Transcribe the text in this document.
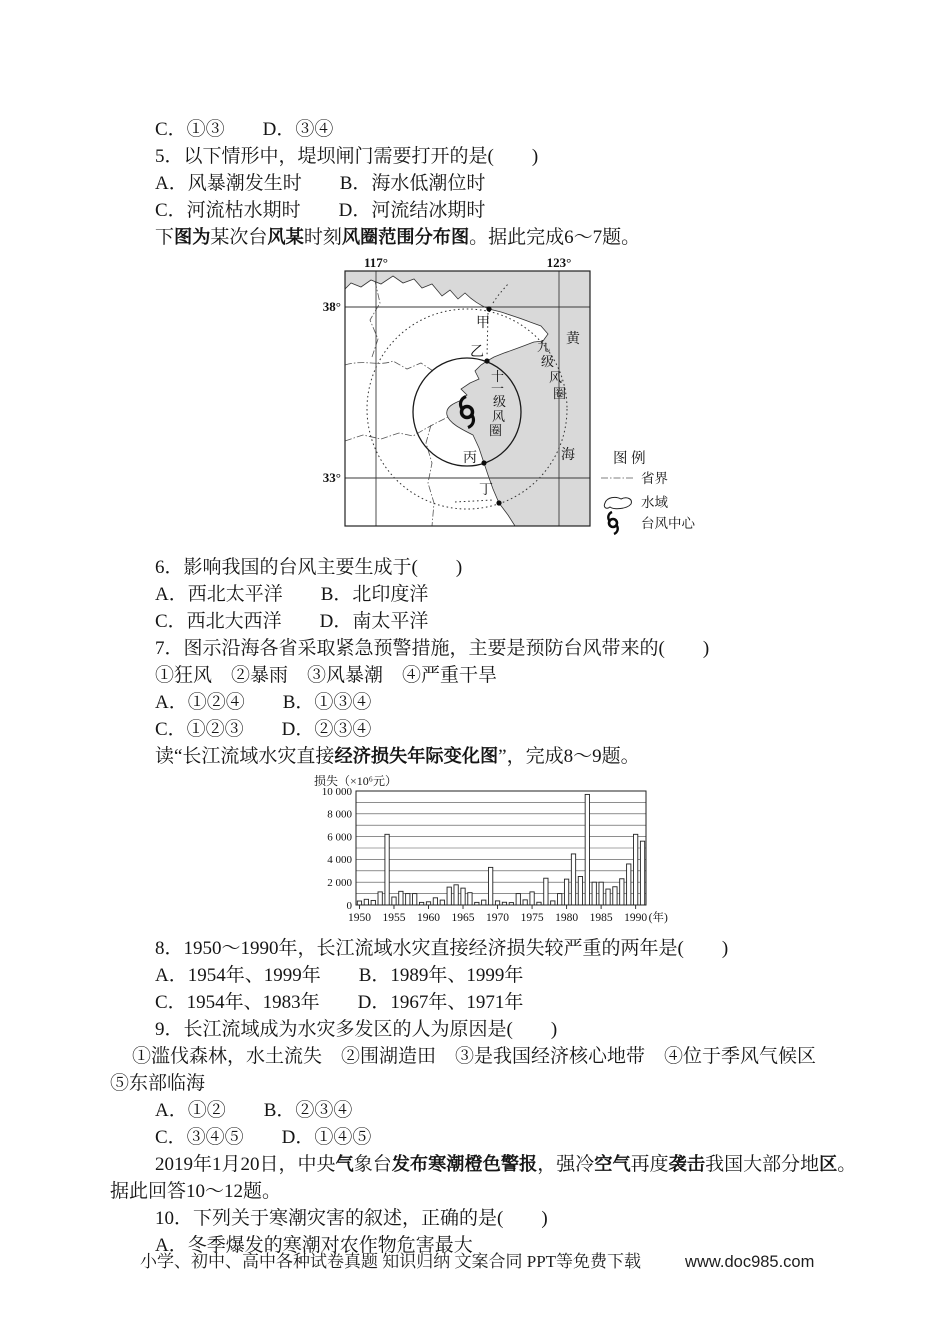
C．①③　　D．③④
5．以下情形中，堤坝闸门需要打开的是(　　)
A．风暴潮发生时　　B．海水低潮位时
C．河流枯水期时　　D．河流结冰期时
下图为某次台风某时刻风圈范围分布图。据此完成6～7题。
117°	123°
38°
33°
甲
乙
丙
丁
黄
海
九
级
风
圈
十
一
级
风
圈
图 例
省界
水域
台风中心
6．影响我国的台风主要生成于(　　)
A．西北太平洋　　B．北印度洋
C．西北大西洋　　D．南太平洋
7．图示沿海各省采取紧急预警措施，主要是预防台风带来的(　　)
①狂风　②暴雨　③风暴潮　④严重干旱
A．①②④　　B．①③④
C．①②③　　D．②③④
读“长江流域水灾直接经济损失年际变化图”，完成8～9题。
损失（×10⁶元）
0
2 000
4 000
6 000
8 000
10 000
1950 1955 1960 1965 1970 1975 1980 1985 1990 (年)
8．1950～1990年，长江流域水灾直接经济损失较严重的两年是(　　)
A．1954年、1999年　　B．1989年、1999年
C．1954年、1983年　　D．1967年、1971年
9．长江流域成为水灾多发区的人为原因是(　　)
①滥伐森林，水土流失　②围湖造田　③是我国经济核心地带　④位于季风气候区
⑤东部临海
A．①②　　B．②③④
C．③④⑤　　D．①④⑤
2019年1月20日，中央气象台发布寒潮橙色警报，强冷空气再度袭击我国大部分地区。
据此回答10～12题。
10．下列关于寒潮灾害的叙述，正确的是(　　)
A．冬季爆发的寒潮对农作物危害最大
小学、初中、高中各种试卷真题 知识归纳 文案合同 PPT等免费下载	www.doc985.com
